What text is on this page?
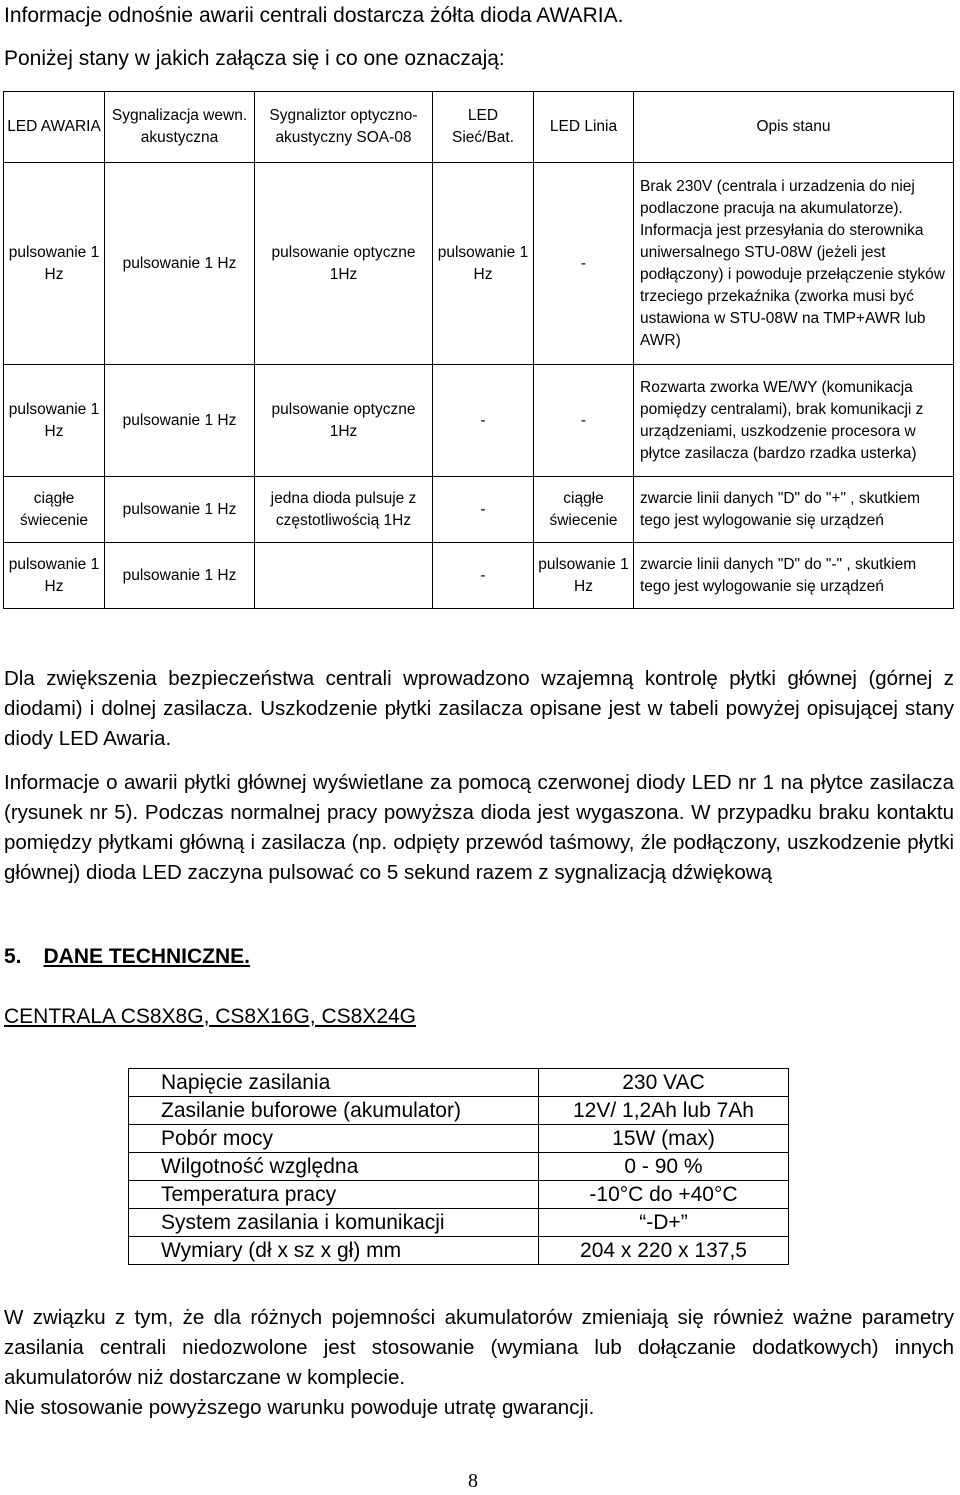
Informacje odnośnie awarii centrali dostarcza żółta dioda AWARIA.
Poniżej stany w jakich załącza się i co one oznaczają:
LED AWARIA	Sygnalizacja wewn. akustyczna	Sygnaliztor optyczno-akustyczny SOA-08	LED Sieć/Bat.	LED Linia	Opis stanu
pulsowanie 1 Hz	pulsowanie 1 Hz	pulsowanie optyczne 1Hz	pulsowanie 1 Hz	-	Brak 230V (centrala i urzadzenia do niej podlaczone pracuja na akumulatorze). Informacja jest przesyłania do sterownika uniwersalnego STU-08W (jeżeli jest podłączony) i powoduje przełączenie styków trzeciego przekaźnika (zworka musi być ustawiona w STU-08W na TMP+AWR lub AWR)
pulsowanie 1 Hz	pulsowanie 1 Hz	pulsowanie optyczne 1Hz	-	-	Rozwarta zworka WE/WY (komunikacja pomiędzy centralami), brak komunikacji z urządzeniami, uszkodzenie procesora w płytce zasilacza (bardzo rzadka usterka)
ciągłe świecenie	pulsowanie 1 Hz	jedna dioda pulsuje z częstotliwością 1Hz	-	ciągłe świecenie	zwarcie linii danych "D" do "+" , skutkiem tego jest wylogowanie się urządzeń
pulsowanie 1 Hz	pulsowanie 1 Hz		-	pulsowanie 1 Hz	zwarcie linii danych "D" do "-" , skutkiem tego jest wylogowanie się urządzeń
Dla zwiększenia bezpieczeństwa centrali wprowadzono wzajemną kontrolę płytki głównej (górnej z diodami) i dolnej zasilacza. Uszkodzenie płytki zasilacza opisane jest w tabeli powyżej opisującej stany diody LED Awaria.
Informacje o awarii płytki głównej wyświetlane za pomocą czerwonej diody LED nr 1 na płytce zasilacza (rysunek nr 5). Podczas normalnej pracy powyższa dioda jest wygaszona. W przypadku braku kontaktu pomiędzy płytkami główną i zasilacza (np. odpięty przewód taśmowy, źle podłączony, uszkodzenie płytki głównej) dioda LED zaczyna pulsować co 5 sekund razem z sygnalizacją dźwiękową
5. DANE TECHNICZNE.
CENTRALA CS8X8G, CS8X16G, CS8X24G
Napięcie zasilania	230 VAC
Zasilanie buforowe (akumulator)	12V/ 1,2Ah lub 7Ah
Pobór mocy	15W (max)
Wilgotność względna	0 - 90 %
Temperatura pracy	-10°C do +40°C
System zasilania i komunikacji	“-D+”
Wymiary (dł x sz x gł) mm	204 x 220 x 137,5
W związku z tym, że dla różnych pojemności akumulatorów zmieniają się również ważne parametry zasilania centrali niedozwolone jest stosowanie (wymiana lub dołączanie dodatkowych) innych akumulatorów niż dostarczane w komplecie.
Nie stosowanie powyższego warunku powoduje utratę gwarancji.
8
